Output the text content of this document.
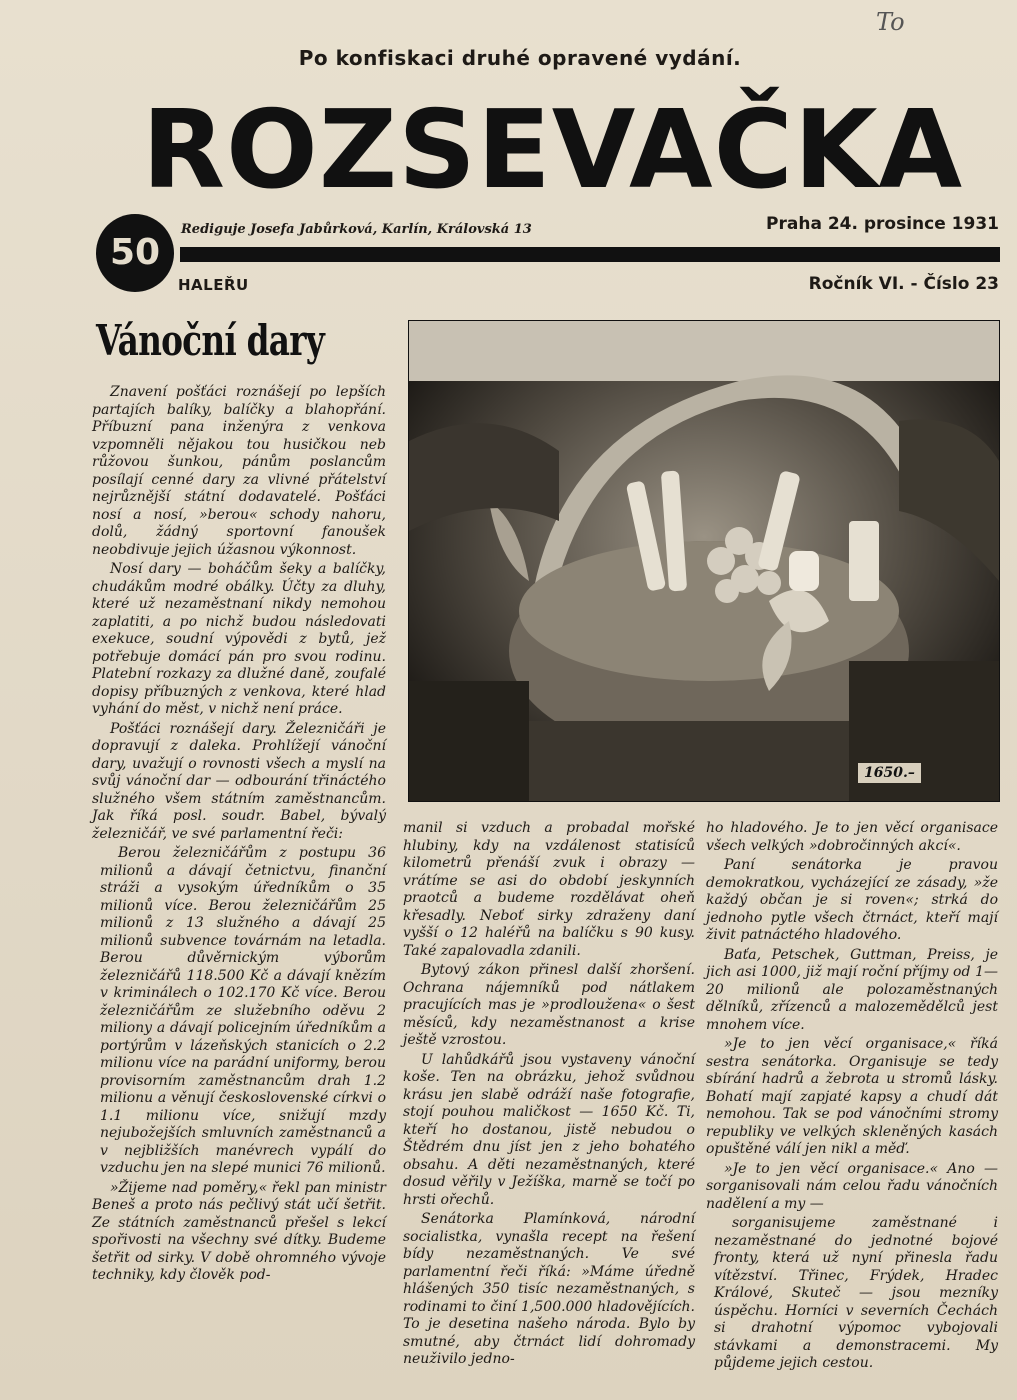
To
Po konfiskaci druhé opravené vydání.
ROZSEVAČKA
50
Rediguje Josefa Jabůrková, Karlín, Královská 13	Praha 24. prosince 1931
HALEŘU	Ročník VI. - Číslo 23
Vánoční dary
1650.–

Znavení pošťáci roznášejí po lepších partajích balíky, balíčky a blahopřání. Příbuzní pana inženýra z venkova vzpomněli nějakou tou husičkou neb růžovou šunkou, pánům poslancům posílají cenné dary za vlivné přátelství nejrůznější státní dodavatelé. Pošťáci nosí a nosí, »berou« schody nahoru, dolů, žádný sportovní fanoušek neobdivuje jejich úžasnou výkonnost.

Nosí dary — boháčům šeky a balíčky, chudákům modré obálky. Účty za dluhy, které už nezaměstnaní nikdy nemohou zaplatiti, a po nichž budou následovati exekuce, soudní výpovědi z bytů, jež potřebuje domácí pán pro svou rodinu. Platební rozkazy za dlužné daně, zoufalé dopisy příbuzných z venkova, které hlad vyhání do měst, v nichž není práce.

Pošťáci roznášejí dary. Železničáři je dopravují z daleka. Prohlížejí vánoční dary, uvažují o rovnosti všech a myslí na svůj vánoční dar — odbourání třináctého služného všem státním zaměstnancům. Jak říká posl. soudr. Babel, bývalý železničář, ve své parlamentní řeči:

Berou železničářům z postupu 36 milionů a dávají četnictvu, finanční stráži a vysokým úředníkům o 35 milionů více. Berou železničářům 25 milionů z 13 služného a dávají 25 milionů subvence továrnám na letadla. Berou důvěrnickým výborům železničářů 118.500 Kč a dávají knězím v kriminálech o 102.170 Kč více. Berou železničářům ze služebního oděvu 2 miliony a dávají policejním úředníkům a portýrům v lázeňských stanicích o 2.2 milionu více na parádní uniformy, berou provisorním zaměstnancům drah 1.2 milionu a věnují československé církvi o 1.1 milionu více, snižují mzdy nejubožejších smluvních zaměstnanců a v nejbližších manévrech vypálí do vzduchu jen na slepé munici 76 milionů.

»Žijeme nad poměry,« řekl pan ministr Beneš a proto nás pečlivý stát učí šetřit. Ze státních zaměstnanců přešel s lekcí spořivosti na všechny své dítky. Budeme šetřit od sirky. V době ohromného vývoje techniky, kdy člověk pod-

manil si vzduch a probadal mořské hlubiny, kdy na vzdálenost statisíců kilometrů přenáší zvuk i obrazy — vrátíme se asi do období jeskynních praotců a budeme rozdělávat oheň křesadly. Neboť sirky zdraženy daní vyšší o 12 haléřů na balíčku s 90 kusy. Také zapalovadla zdanili.

Bytový zákon přinesl další zhoršení. Ochrana nájemníků pod nátlakem pracujících mas je »prodloužena« o šest měsíců, kdy nezaměstnanost a krise ještě vzrostou.

U lahůdkářů jsou vystaveny vánoční koše. Ten na obrázku, jehož svůdnou krásu jen slabě odráží naše fotografie, stojí pouhou maličkost — 1650 Kč. Ti, kteří ho dostanou, jistě nebudou o Štědrém dnu jíst jen z jeho bohatého obsahu. A děti nezaměstnaných, které dosud věřily v Ježíška, marně se točí po hrsti ořechů.

Senátorka Plamínková, národní socialistka, vynašla recept na řešení bídy nezaměstnaných. Ve své parlamentní řeči říká: »Máme úředně hlášených 350 tisíc nezaměstnaných, s rodinami to činí 1,500.000 hladovějících. To je desetina našeho národa. Bylo by smutné, aby čtrnáct lidí dohromady neuživilo jedno-

ho hladového. Je to jen věcí organisace všech velkých »dobročinných akcí«.

Paní senátorka je pravou demokratkou, vycházející ze zásady, »že každý občan je si roven«; strká do jednoho pytle všech čtrnáct, kteří mají živit patnáctého hladového.

Baťa, Petschek, Guttman, Preiss, je jich asi 1000, již mají roční příjmy od 1—20 milionů ale polozaměstnaných dělníků, zřízenců a malozemědělců jest mnohem více.

»Je to jen věcí organisace,« říká sestra senátorka. Organisuje se tedy sbírání hadrů a žebrota u stromů lásky. Bohatí mají zapjaté kapsy a chudí dát nemohou. Tak se pod vánočními stromy republiky ve velkých skleněných kasách opuštěné válí jen nikl a měď.

»Je to jen věcí organisace.« Ano — sorganisovali nám celou řadu vánočních nadělení a my —

sorganisujeme zaměstnané i nezaměstnané do jednotné bojové fronty, která už nyní přinesla řadu vítězství. Třinec, Frýdek, Hradec Králové, Skuteč — jsou mezníky úspěchu. Horníci v severních Čechách si drahotní výpomoc vybojovali stávkami a demonstracemi. My půjdeme jejich cestou.
